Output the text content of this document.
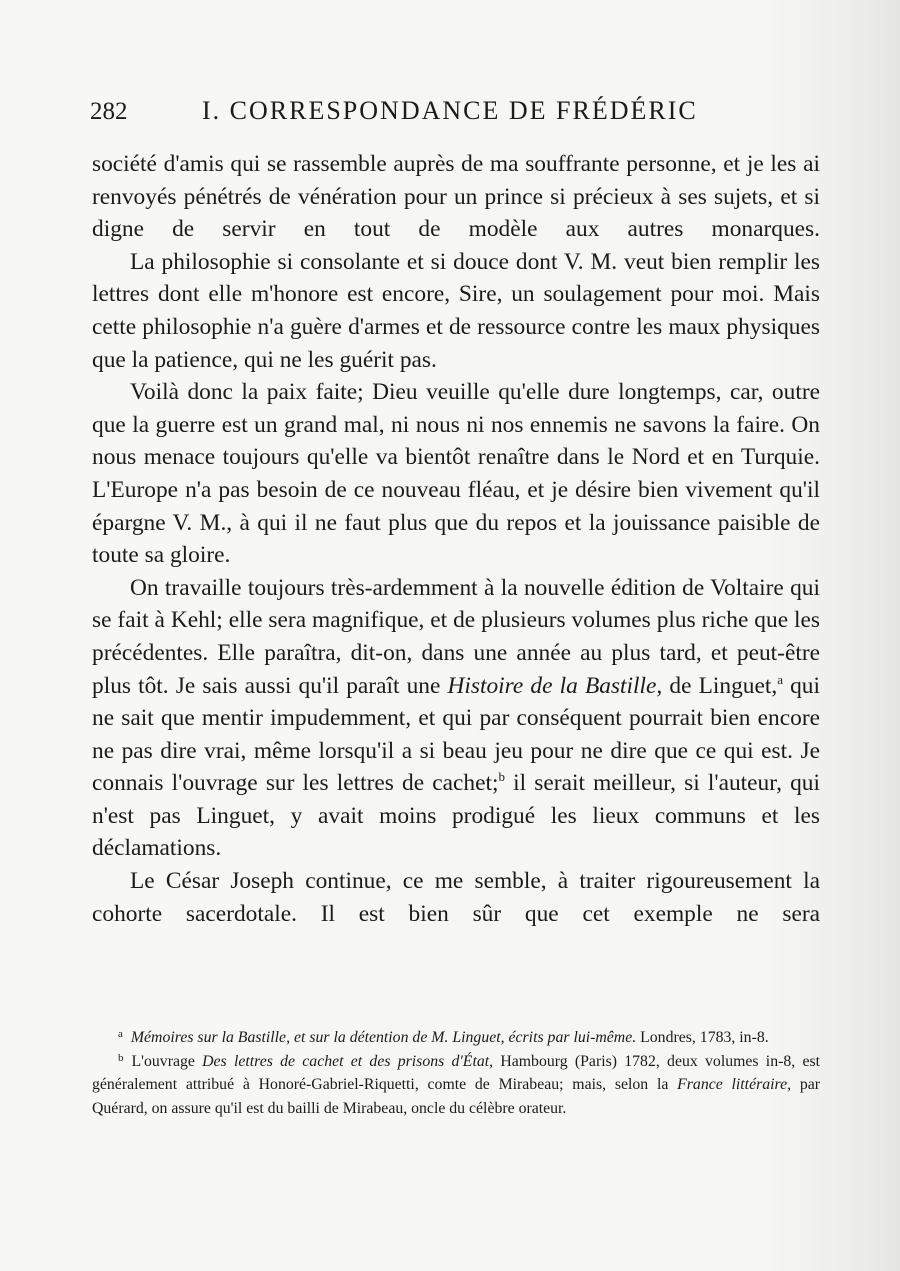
282	I. CORRESPONDANCE DE FRÉDÉRIC

société d'amis qui se rassemble auprès de ma souffrante personne, et je les ai renvoyés pénétrés de vénération pour un prince si précieux à ses sujets, et si digne de servir en tout de modèle aux autres monarques.

La philosophie si consolante et si douce dont V. M. veut bien remplir les lettres dont elle m'honore est encore, Sire, un soulagement pour moi. Mais cette philosophie n'a guère d'armes et de ressource contre les maux physiques que la patience, qui ne les guérit pas.

Voilà donc la paix faite; Dieu veuille qu'elle dure longtemps, car, outre que la guerre est un grand mal, ni nous ni nos ennemis ne savons la faire. On nous menace toujours qu'elle va bientôt renaître dans le Nord et en Turquie. L'Europe n'a pas besoin de ce nouveau fléau, et je désire bien vivement qu'il épargne V. M., à qui il ne faut plus que du repos et la jouissance paisible de toute sa gloire.

On travaille toujours très-ardemment à la nouvelle édition de Voltaire qui se fait à Kehl; elle sera magnifique, et de plusieurs volumes plus riche que les précédentes. Elle paraîtra, dit-on, dans une année au plus tard, et peut-être plus tôt. Je sais aussi qu'il paraît une Histoire de la Bastille, de Linguet,$^a$ qui ne sait que mentir impudemment, et qui par conséquent pourrait bien encore ne pas dire vrai, même lorsqu'il a si beau jeu pour ne dire que ce qui est. Je connais l'ouvrage sur les lettres de cachet;$^b$ il serait meilleur, si l'auteur, qui n'est pas Linguet, y avait moins prodigué les lieux communs et les déclamations.

Le César Joseph continue, ce me semble, à traiter rigoureusement la cohorte sacerdotale. Il est bien sûr que cet exemple ne sera

$^a$ Mémoires sur la Bastille, et sur la détention de M. Linguet, écrits par lui-même. Londres, 1783, in-8.

$^b$ L'ouvrage Des lettres de cachet et des prisons d'État, Hambourg (Paris) 1782, deux volumes in-8, est généralement attribué à Honoré-Gabriel-Riquetti, comte de Mirabeau; mais, selon la France littéraire, par Quérard, on assure qu'il est du bailli de Mirabeau, oncle du célèbre orateur.
